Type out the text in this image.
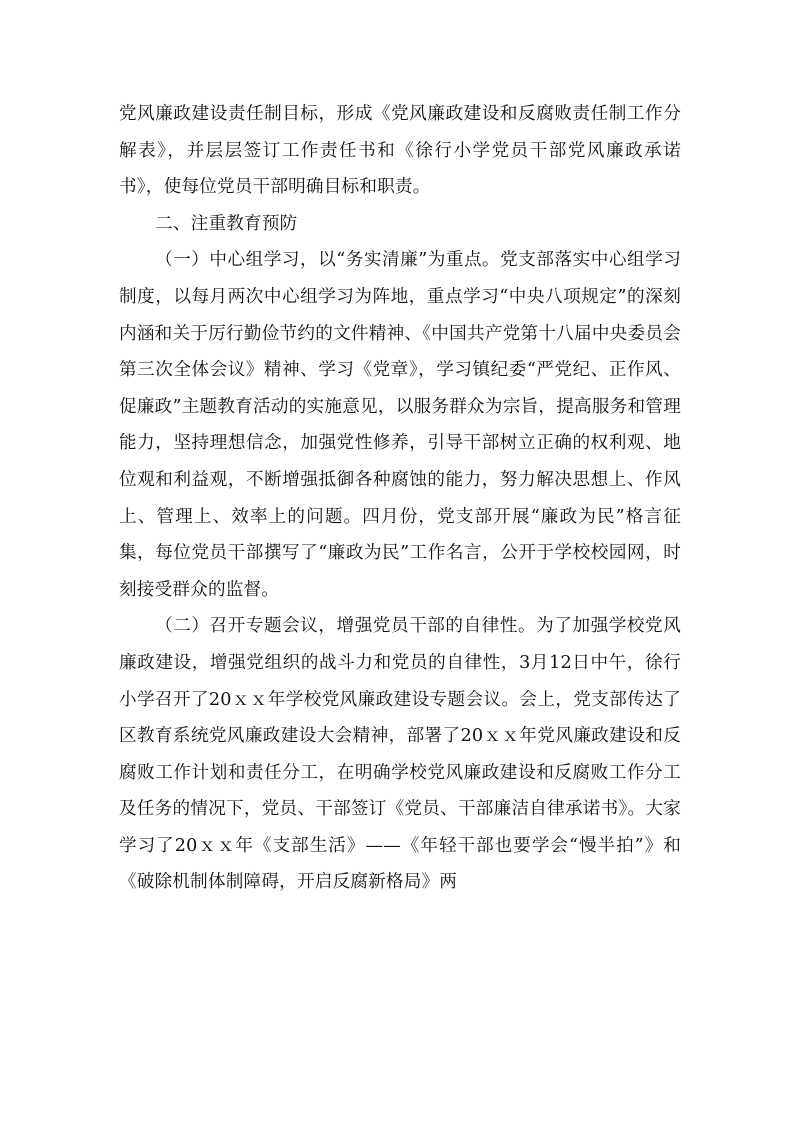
党风廉政建设责任制目标，形成《党风廉政建设和反腐败责任制工作分解表》，并层层签订工作责任书和《徐行小学党员干部党风廉政承诺书》，使每位党员干部明确目标和职责。

二、注重教育预防

（一）中心组学习，以“务实清廉”为重点。党支部落实中心组学习制度，以每月两次中心组学习为阵地，重点学习“中央八项规定”的深刻内涵和关于厉行勤俭节约的文件精神、《中国共产党第十八届中央委员会第三次全体会议》精神、学习《党章》，学习镇纪委“严党纪、正作风、促廉政”主题教育活动的实施意见，以服务群众为宗旨，提高服务和管理能力，坚持理想信念，加强党性修养，引导干部树立正确的权利观、地位观和利益观，不断增强抵御各种腐蚀的能力，努力解决思想上、作风上、管理上、效率上的问题。四月份，党支部开展“廉政为民”格言征集，每位党员干部撰写了“廉政为民”工作名言，公开于学校校园网，时刻接受群众的监督。

（二）召开专题会议，增强党员干部的自律性。为了加强学校党风廉政建设，增强党组织的战斗力和党员的自律性，3月12日中午，徐行小学召开了20ｘｘ年学校党风廉政建设专题会议。会上，党支部传达了区教育系统党风廉政建设大会精神，部署了20ｘｘ年党风廉政建设和反腐败工作计划和责任分工，在明确学校党风廉政建设和反腐败工作分工及任务的情况下，党员、干部签订《党员、干部廉洁自律承诺书》。大家学习了20ｘｘ年《支部生活》——《年轻干部也要学会“慢半拍”》和《破除机制体制障碍，开启反腐新格局》两
